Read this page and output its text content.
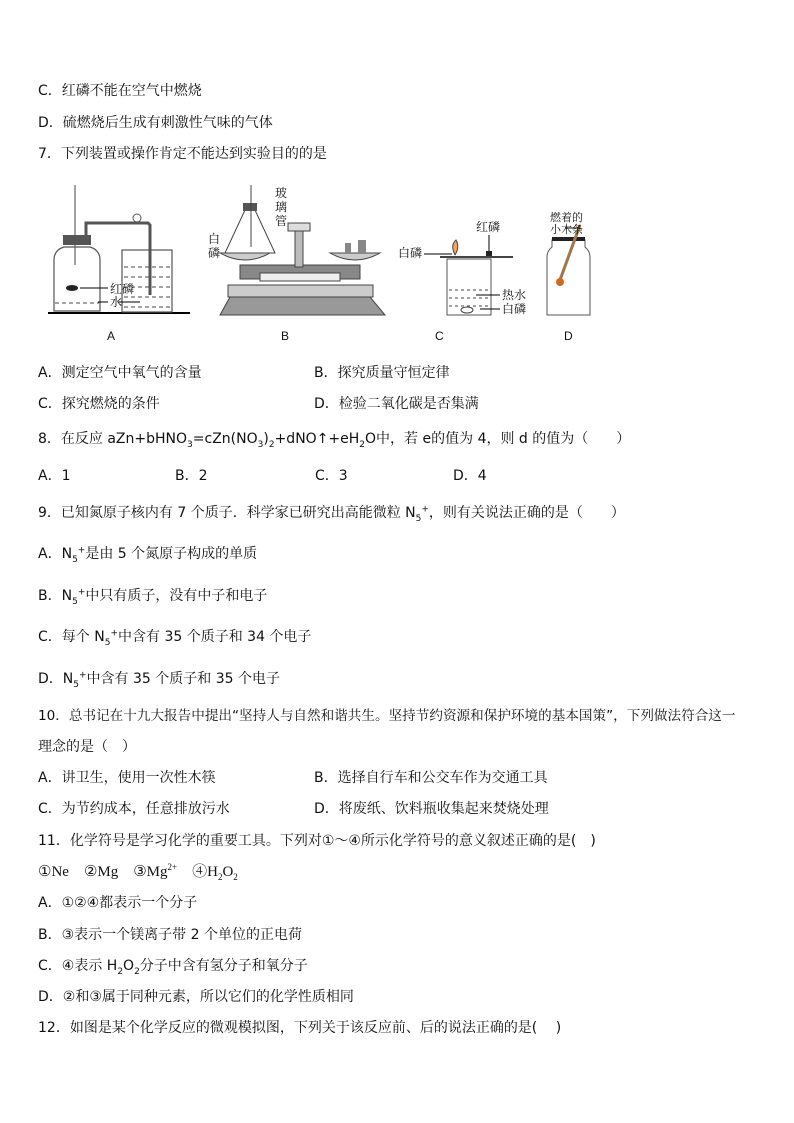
C．红磷不能在空气中燃烧
D．硫燃烧后生成有刺激性气味的气体
7．下列装置或操作肯定不能达到实验目的的是
红磷
水
玻
璃
管
白
磷	白磷
红磷
热水
白磷
燃着的
小木条
A	B	C	D
A．测定空气中氧气的含量	B．探究质量守恒定律
C．探究燃烧的条件	D．检验二氧化碳是否集满
8．在反应 $aZn+bHNO_3=cZn(NO_3)_2+dNO↑+eH_2O$中，若 e的值为 4，则 d 的值为（　　）
A．1	B．2	C．3	D．4
9．已知氮原子核内有 7 个质子．科学家已研究出高能微粒 $N_5^+$，则有关说法正确的是（　　）
A．$N_5^+$是由 5 个氮原子构成的单质
B．$N_5^+$中只有质子，没有中子和电子
C．每个 $N_5^+$中含有 35 个质子和 34 个电子
D．$N_5^+$中含有 35 个质子和 35 个电子
10．总书记在十九大报告中提出“坚持人与自然和谐共生。坚持节约资源和保护环境的基本国策”，下列做法符合这一
理念的是（　）
A．讲卫生，使用一次性木筷	B．选择自行车和公交车作为交通工具
C．为节约成本，任意排放污水	D．将废纸、饮料瓶收集起来焚烧处理
11．化学符号是学习化学的重要工具。下列对①～④所示化学符号的意义叙述正确的是(　)
①Ne　②Mg　$③Mg^{2+}$　$④H_2O_2$
A．①②④都表示一个分子
B．③表示一个镁离子带 2 个单位的正电荷
C．④表示 $H_2O_2$分子中含有氢分子和氧分子
D．②和③属于同种元素，所以它们的化学性质相同
12．如图是某个化学反应的微观模拟图，下列关于该反应前、后的说法正确的是(　 )
